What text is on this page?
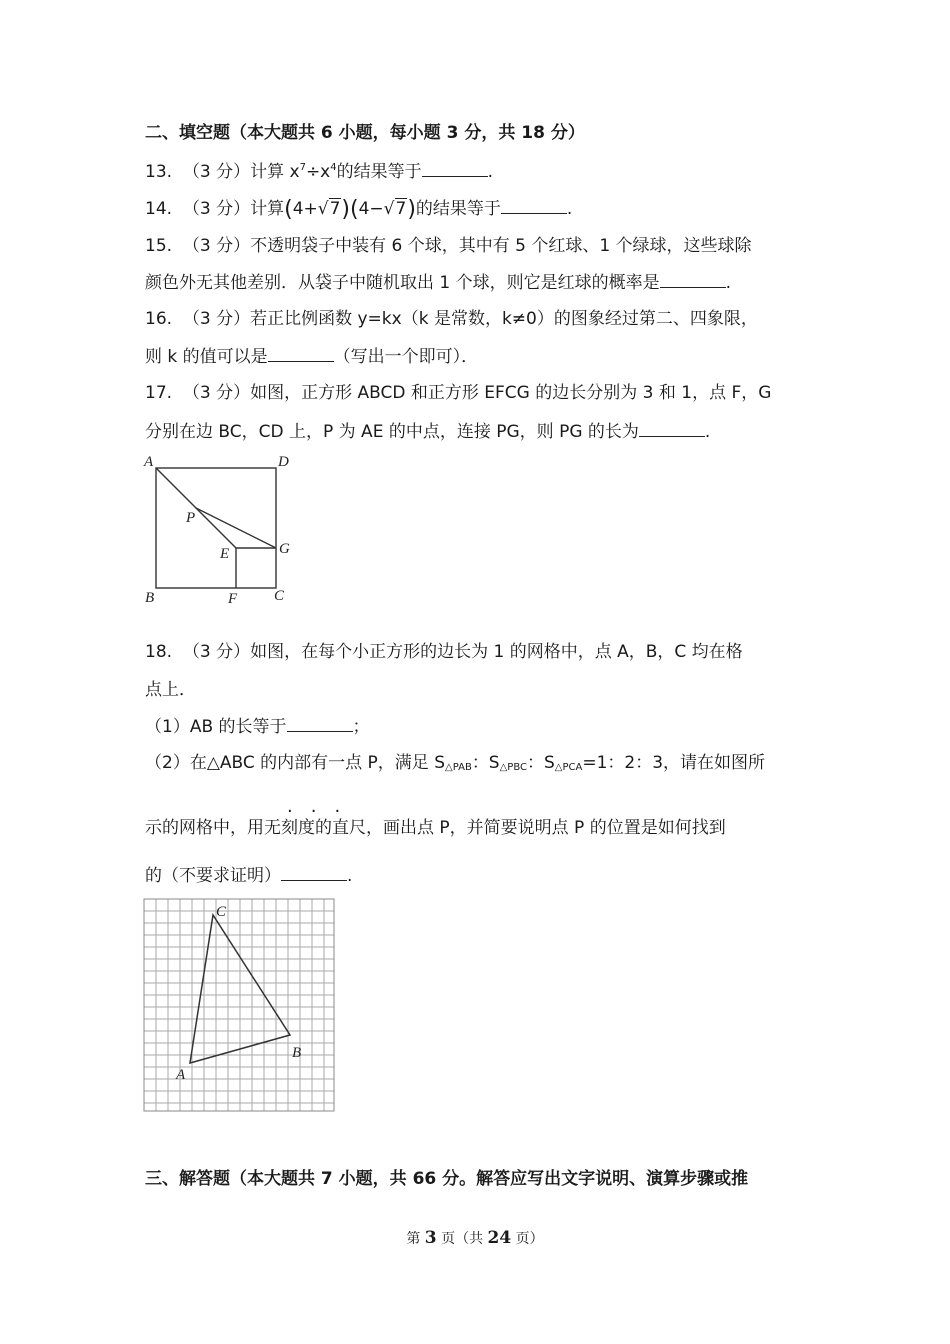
二、填空题（本大题共 6 小题，每小题 3 分，共 18 分）
13. （3 分）计算 $x^7\div x^4$的结果等于	.
14. （3 分）计算(4+√7)(4−√7)的结果等于	.
15. （3 分）不透明袋子中装有 6 个球，其中有 5 个红球、1 个绿球，这些球除
颜色外无其他差别．从袋子中随机取出 1 个球，则它是红球的概率是	.
16. （3 分）若正比例函数 y=kx（k 是常数，k≠0）的图象经过第二、四象限，
则 k 的值可以是	（写出一个即可）．
17. （3 分）如图，正方形 ABCD 和正方形 EFCG 的边长分别为 3 和 1，点 F，G
分别在边 BC，CD 上，P 为 AE 的中点，连接 PG，则 PG 的长为	.
A	D
B	C
F
E	G
P
18. （3 分）如图，在每个小正方形的边长为 1 的网格中，点 A，B，C 均在格
点上．
（1）AB 的长等于	；
（2）在△ABC 的内部有一点 P，满足 $S_{\triangle PAB}$：$S_{\triangle PBC}$：$S_{\triangle PCA}=1$：2：3，请在如图所
...
示的网格中，用无刻度的直尺，画出点 P，并简要说明点 P 的位置是如何找到
的（不要求证明）	.
A
B
C
三、解答题（本大题共 7 小题，共 66 分。解答应写出文字说明、演算步骤或推
第 3 页（共 24 页）
